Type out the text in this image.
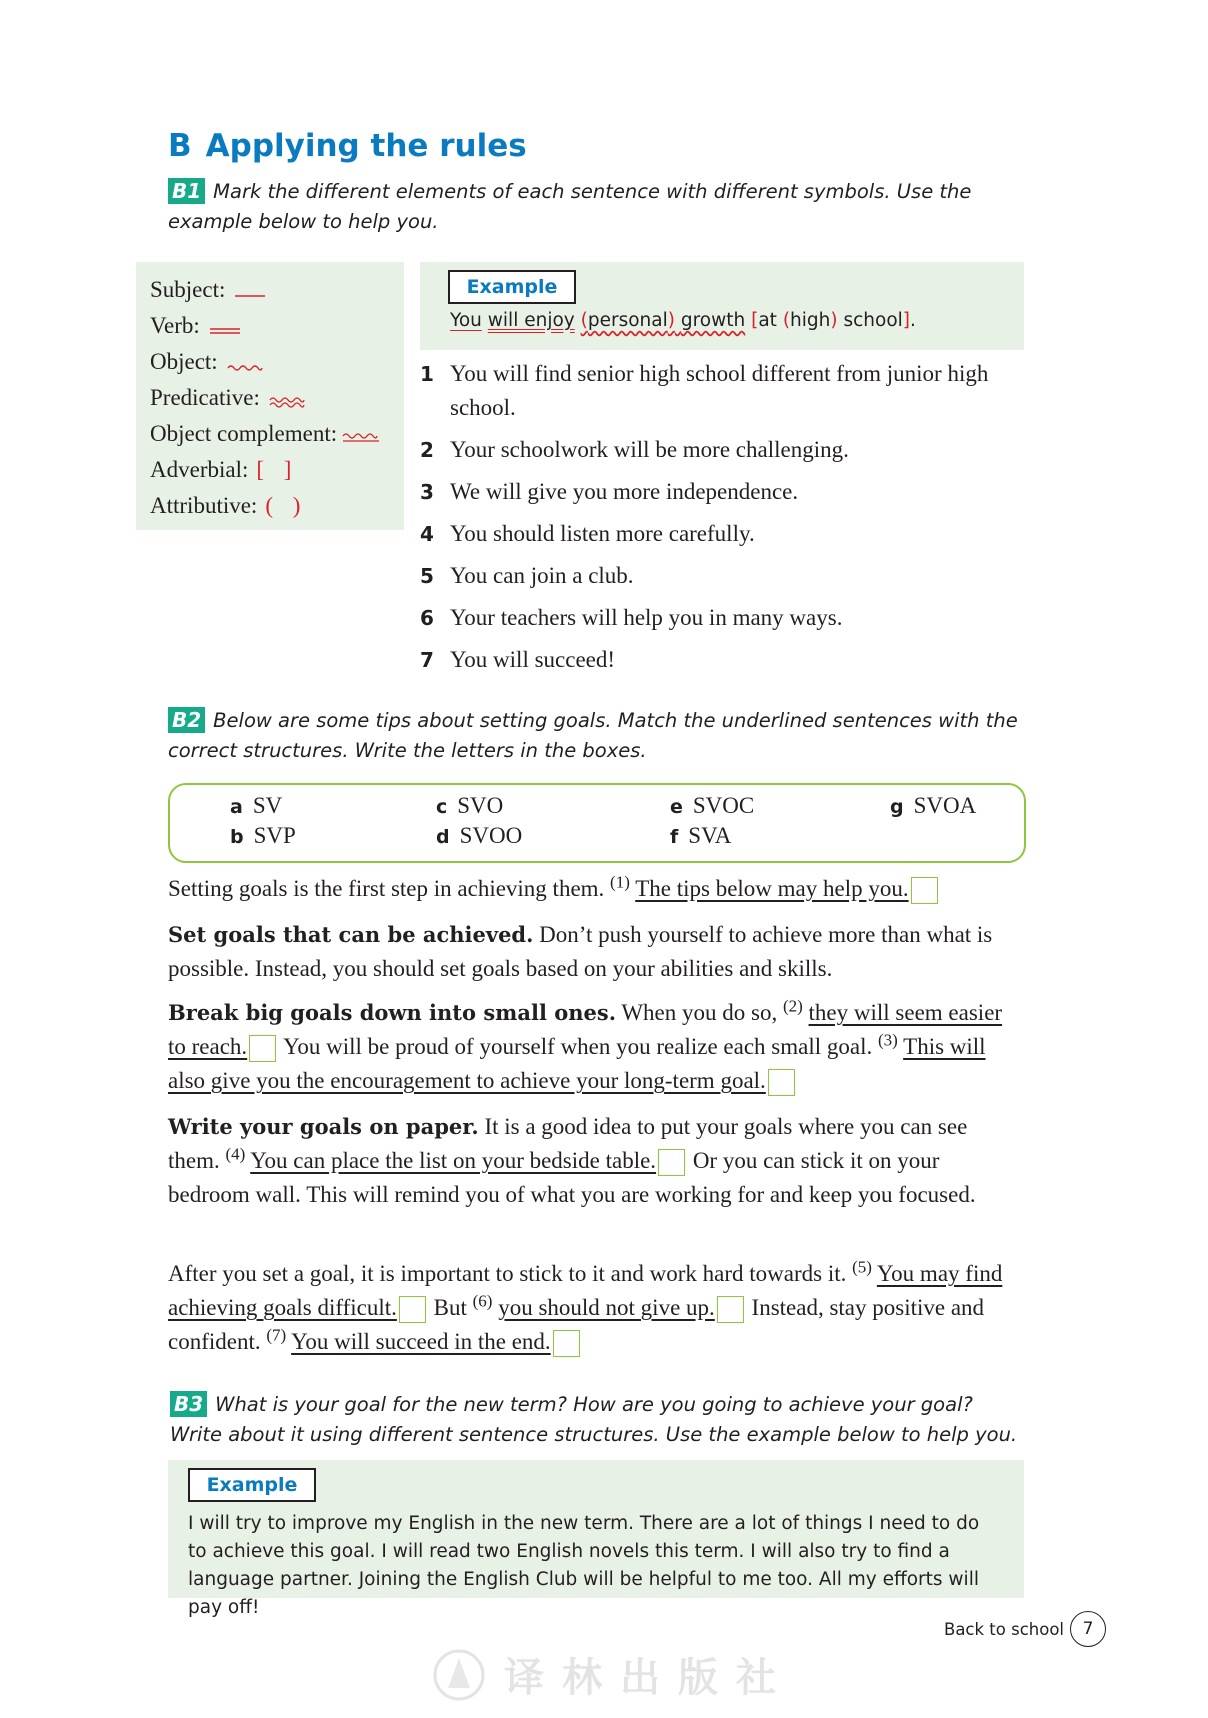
B Applying the rules
B1 Mark the different elements of each sentence with different symbols. Use the example below to help you.
Subject:
Verb:
Object:
Predicative:
Object complement:
Adverbial: [ ]
Attributive: ( )
Example
You will enjoy (personal) growth [at (high) school].
1 You will find senior high school different from junior high school.
2 Your schoolwork will be more challenging.
3 We will give you more independence.
4 You should listen more carefully.
5 You can join a club.
6 Your teachers will help you in many ways.
7 You will succeed!
B2 Below are some tips about setting goals. Match the underlined sentences with the correct structures. Write the letters in the boxes.
a SV
b SVP
c SVO
d SVOO
e SVOC
f SVA
g SVOA
Setting goals is the first step in achieving them. $^{(1)}$ The tips below may help you.
Set goals that can be achieved. Don’t push yourself to achieve more than what is possible. Instead, you should set goals based on your abilities and skills.
Break big goals down into small ones. When you do so, $^{(2)}$ they will seem easier to reach. You will be proud of yourself when you realize each small goal. $^{(3)}$ This will also give you the encouragement to achieve your long-term goal.
Write your goals on paper. It is a good idea to put your goals where you can see them. $^{(4)}$ You can place the list on your bedside table. Or you can stick it on your bedroom wall. This will remind you of what you are working for and keep you focused.
After you set a goal, it is important to stick to it and work hard towards it. $^{(5)}$ You may find achieving goals difficult. But $^{(6)}$ you should not give up. Instead, stay positive and confident. $^{(7)}$ You will succeed in the end.
B3 What is your goal for the new term? How are you going to achieve your goal? Write about it using different sentence structures. Use the example below to help you.
Example
I will try to improve my English in the new term. There are a lot of things I need to do to achieve this goal. I will read two English novels this term. I will also try to find a language partner. Joining the English Club will be helpful to me too. All my efforts will pay off!
Back to school	7
译林出版社
